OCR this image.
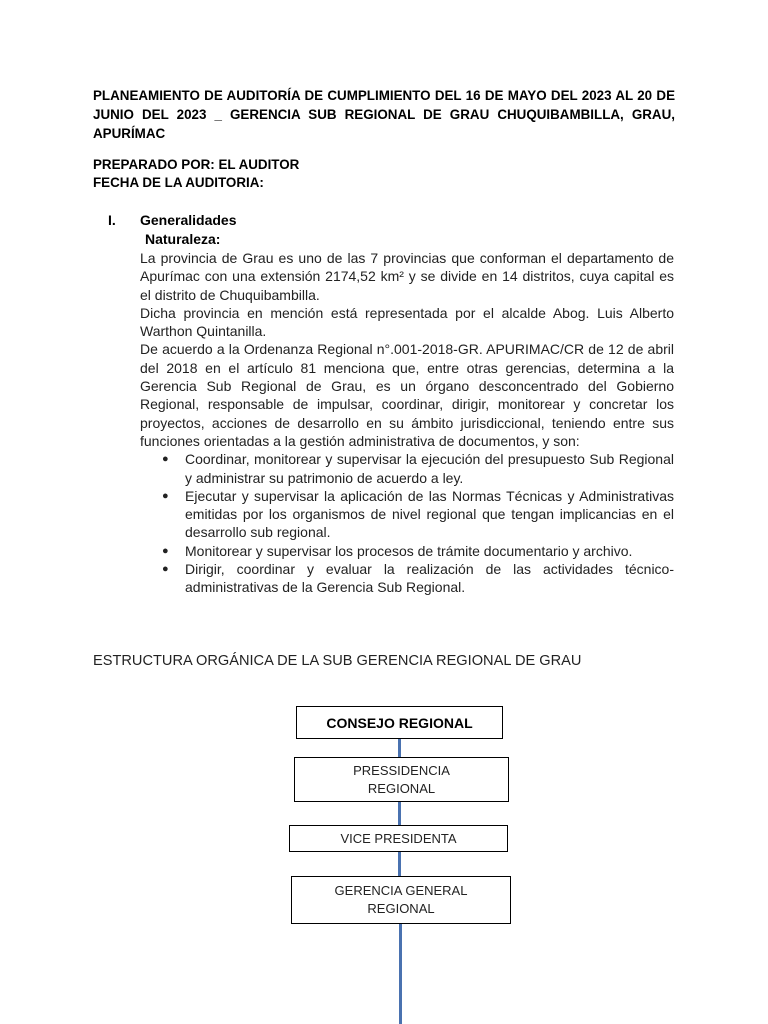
PLANEAMIENTO DE AUDITORÍA DE CUMPLIMIENTO DEL 16 DE MAYO DEL 2023 AL 20 DE JUNIO DEL 2023 _ GERENCIA SUB REGIONAL DE GRAU CHUQUIBAMBILLA, GRAU, APURÍMAC

PREPARADO POR: EL AUDITOR
FECHA DE LA AUDITORIA:
I. Generalidades
Naturaleza:

La provincia de Grau es uno de las 7 provincias que conforman el departamento de Apurímac con una extensión 2174,52 km² y se divide en 14 distritos, cuya capital es el distrito de Chuquibambilla.

Dicha provincia en mención está representada por el alcalde Abog. Luis Alberto Warthon Quintanilla.

De acuerdo a la Ordenanza Regional n°.001-2018-GR. APURIMAC/CR de 12 de abril del 2018 en el artículo 81 menciona que, entre otras gerencias, determina a la Gerencia Sub Regional de Grau, es un órgano desconcentrado del Gobierno Regional, responsable de impulsar, coordinar, dirigir, monitorear y concretar los proyectos, acciones de desarrollo en su ámbito jurisdiccional, teniendo entre sus funciones orientadas a la gestión administrativa de documentos, y son:

● Coordinar, monitorear y supervisar la ejecución del presupuesto Sub Regional y administrar su patrimonio de acuerdo a ley.
● Ejecutar y supervisar la aplicación de las Normas Técnicas y Administrativas emitidas por los organismos de nivel regional que tengan implicancias en el desarrollo sub regional.
● Monitorear y supervisar los procesos de trámite documentario y archivo.
● Dirigir, coordinar y evaluar la realización de las actividades técnico-administrativas de la Gerencia Sub Regional.
ESTRUCTURA ORGÁNICA DE LA SUB GERENCIA REGIONAL DE GRAU
CONSEJO REGIONAL
PRESSIDENCIA REGIONAL
VICE PRESIDENTA
GERENCIA GENERAL REGIONAL
